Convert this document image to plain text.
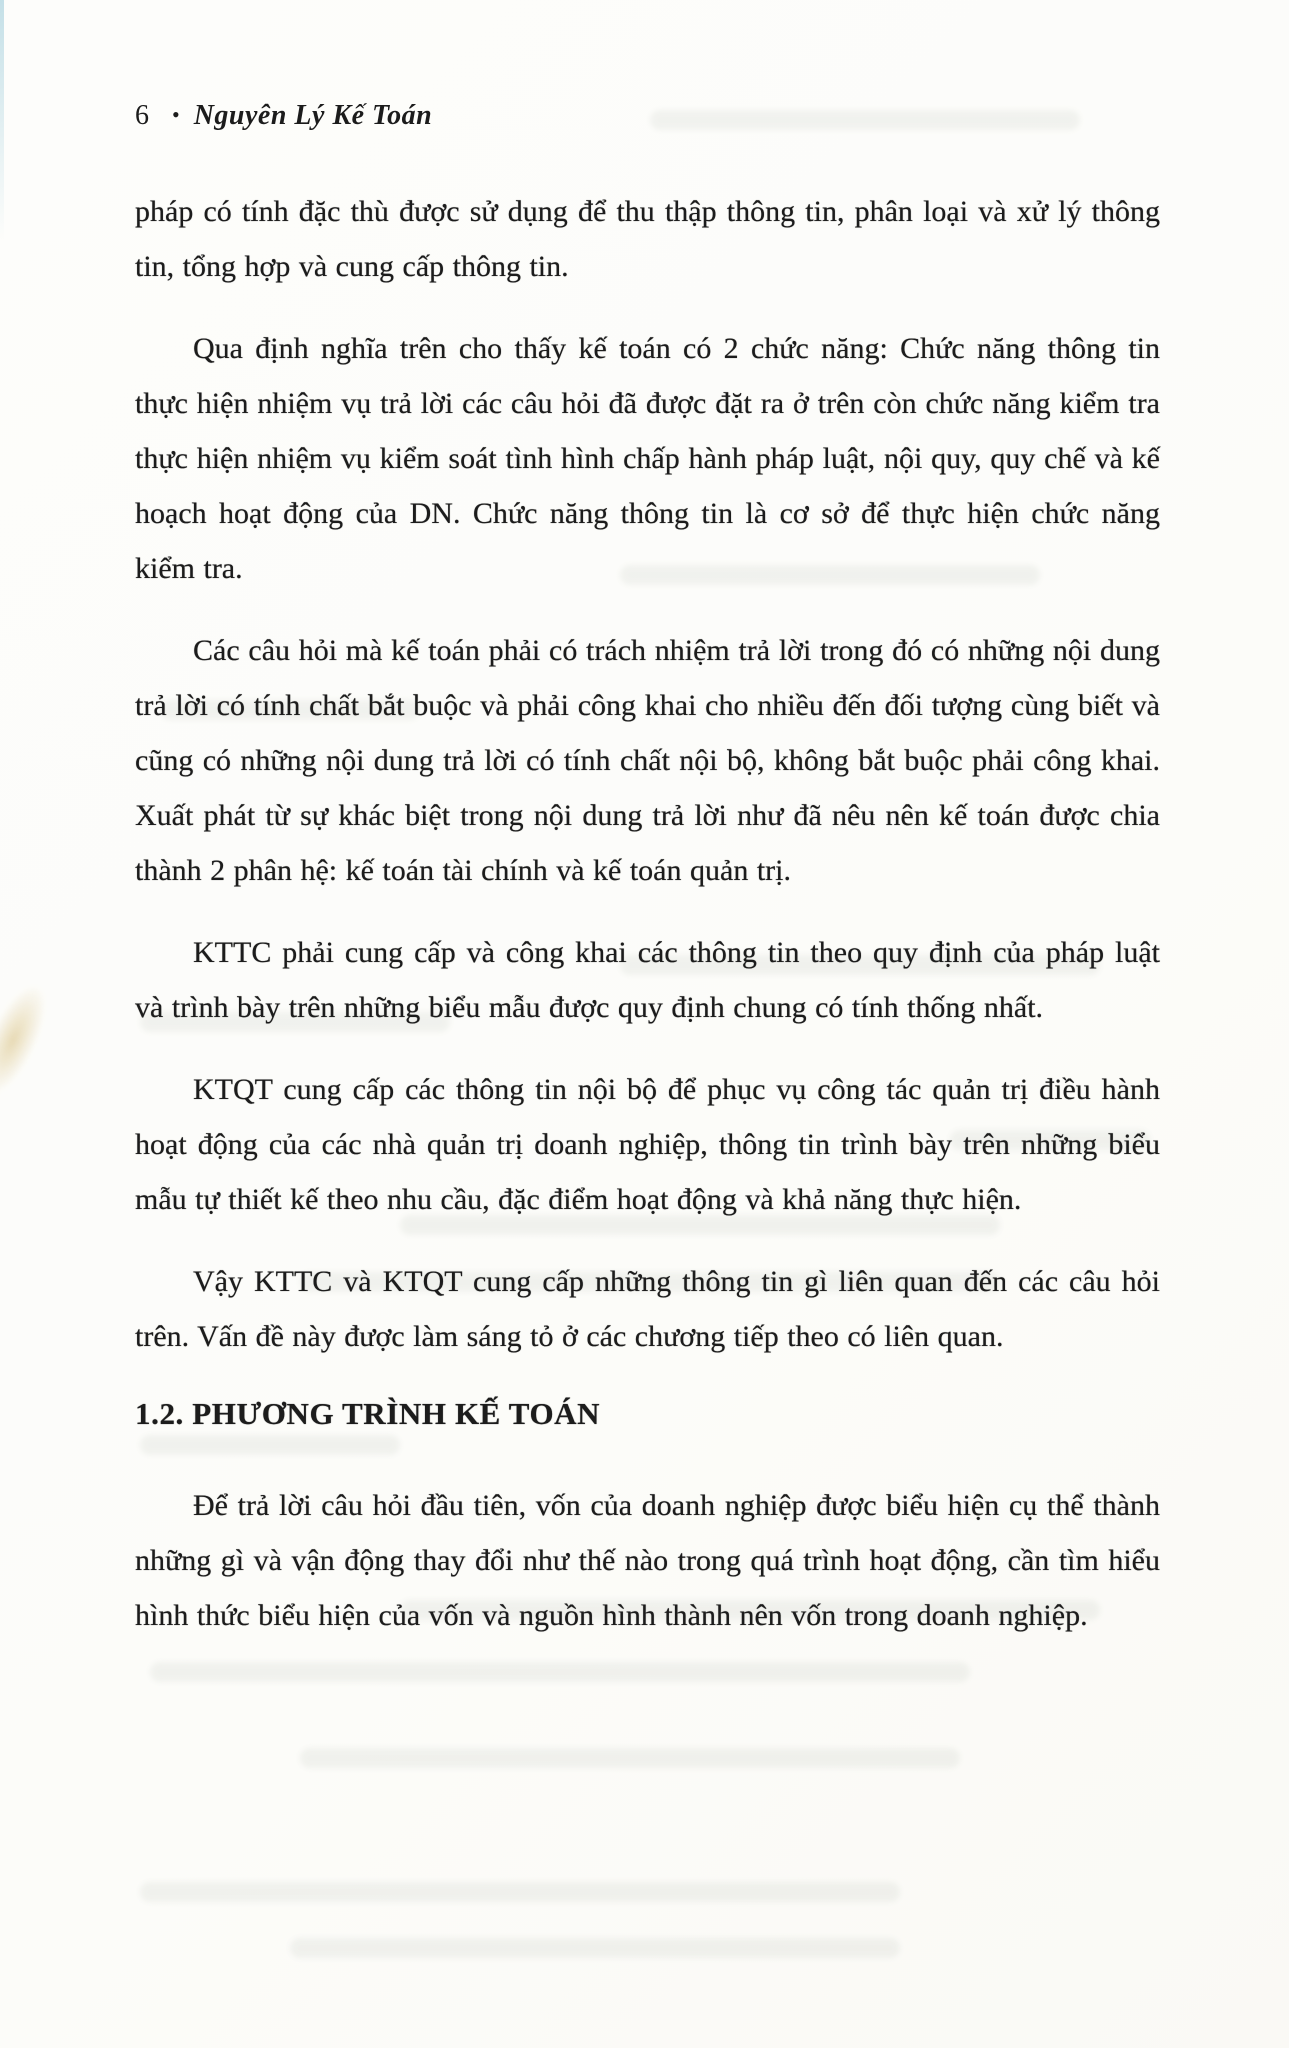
6 • Nguyên Lý Kế Toán

pháp có tính đặc thù được sử dụng để thu thập thông tin, phân loại và xử lý thông tin, tổng hợp và cung cấp thông tin.

Qua định nghĩa trên cho thấy kế toán có 2 chức năng: Chức năng thông tin thực hiện nhiệm vụ trả lời các câu hỏi đã được đặt ra ở trên còn chức năng kiểm tra thực hiện nhiệm vụ kiểm soát tình hình chấp hành pháp luật, nội quy, quy chế và kế hoạch hoạt động của DN. Chức năng thông tin là cơ sở để thực hiện chức năng kiểm tra.

Các câu hỏi mà kế toán phải có trách nhiệm trả lời trong đó có những nội dung trả lời có tính chất bắt buộc và phải công khai cho nhiều đến đối tượng cùng biết và cũng có những nội dung trả lời có tính chất nội bộ, không bắt buộc phải công khai. Xuất phát từ sự khác biệt trong nội dung trả lời như đã nêu nên kế toán được chia thành 2 phân hệ: kế toán tài chính và kế toán quản trị.

KTTC phải cung cấp và công khai các thông tin theo quy định của pháp luật và trình bày trên những biểu mẫu được quy định chung có tính thống nhất.

KTQT cung cấp các thông tin nội bộ để phục vụ công tác quản trị điều hành hoạt động của các nhà quản trị doanh nghiệp, thông tin trình bày trên những biểu mẫu tự thiết kế theo nhu cầu, đặc điểm hoạt động và khả năng thực hiện.

Vậy KTTC và KTQT cung cấp những thông tin gì liên quan đến các câu hỏi trên. Vấn đề này được làm sáng tỏ ở các chương tiếp theo có liên quan.

1.2. PHƯƠNG TRÌNH KẾ TOÁN

Để trả lời câu hỏi đầu tiên, vốn của doanh nghiệp được biểu hiện cụ thể thành những gì và vận động thay đổi như thế nào trong quá trình hoạt động, cần tìm hiểu hình thức biểu hiện của vốn và nguồn hình thành nên vốn trong doanh nghiệp.
